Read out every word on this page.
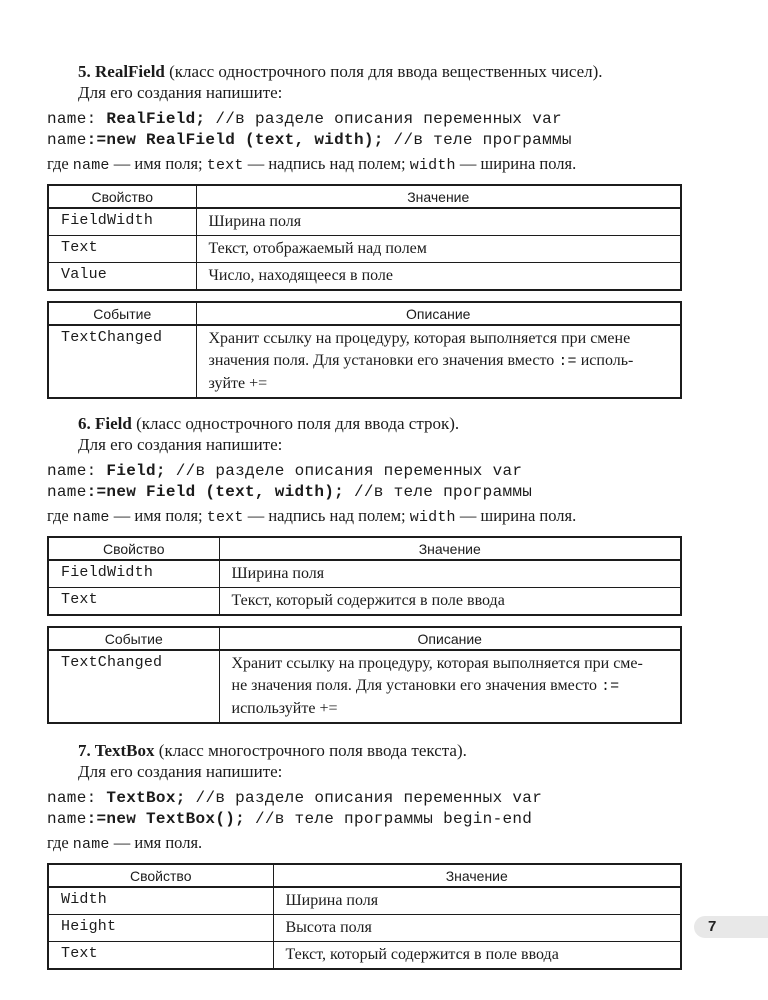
5. RealField (класс однострочного поля для ввода вещественных чисел).

Для его создания напишите:

name: RealField; //в разделе описания переменных var
name:=new RealField (text, width); //в теле программы

где name — имя поля; text — надпись над полем; width — ширина поля.

Свойство	Значение
FieldWidth	Ширина поля
Text	Текст, отображаемый над полем
Value	Число, находящееся в поле
Событие	Описание
TextChanged	Хранит ссылку на процедуру, которая выполняется при смене
значения поля. Для установки его значения вместо := исполь-
зуйте +=

6. Field (класс однострочного поля для ввода строк).

Для его создания напишите:

name: Field; //в разделе описания переменных var
name:=new Field (text, width); //в теле программы

где name — имя поля; text — надпись над полем; width — ширина поля.

Свойство	Значение
FieldWidth	Ширина поля
Text	Текст, который содержится в поле ввода
Событие	Описание
TextChanged	Хранит ссылку на процедуру, которая выполняется при сме-
не значения поля. Для установки его значения вместо :=
используйте +=

7. TextBox (класс многострочного поля ввода текста).

Для его создания напишите:

name: TextBox; //в разделе описания переменных var
name:=new TextBox(); //в теле программы begin-end

где name — имя поля.

Свойство	Значение
Width	Ширина поля
Height	Высота поля
Text	Текст, который содержится в поле ввода
7
